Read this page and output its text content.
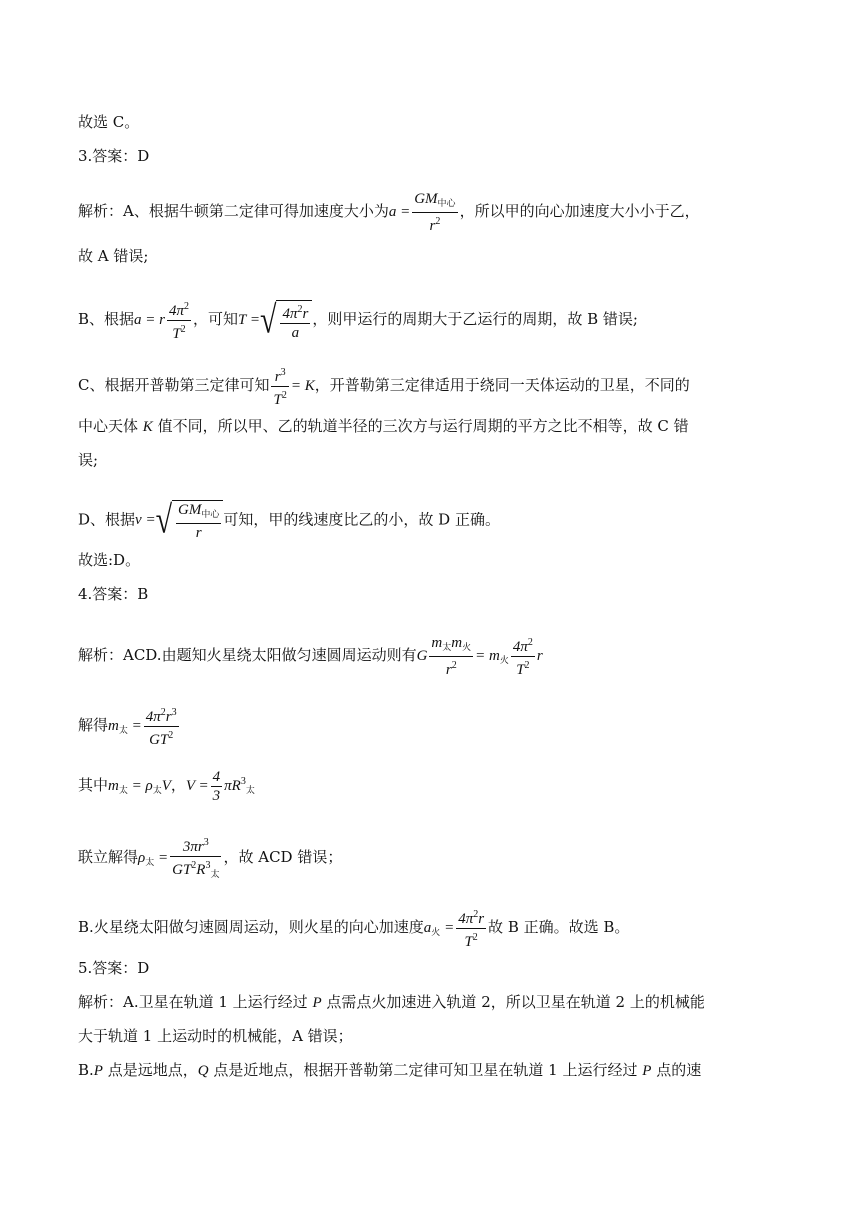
故选 C。
3.答案：D
解析：A、根据牛顿第二定律可得加速度大小为$a = \frac{GM_{中心}}{r^2}$ ，所以甲的向心加速度大小小于乙，
故 A 错误;
B、根据a = r $\frac{4\pi^2}{T^2}$ ，可知T =√ $\frac{4\pi^2r}{a}$ ，则甲运行的周期大于乙运行的周期，故 B 错误;
C、根据开普勒第三定律可知 $\frac{r^3}{T^2} = K$，开普勒第三定律适用于绕同一天体运动的卫星，不同的
中心天体 K 值不同，所以甲、乙的轨道半径的三次方与运行周期的平方之比不相等，故 C 错
误;
D、根据v =√ $\frac{GM_{中心}}{r}$ 可知，甲的线速度比乙的小，故 D 正确。
故选:D。
4.答案：B
解析：ACD.由题知火星绕太阳做匀速圆周运动则有G $\frac{m_太m_火}{r^2} = m_火 \frac{4\pi^2}{T^2}$ r
解得$m_太 = \frac{4\pi^2r^3}{GT^2}$
其中$m_太 = \rho_太V$，$V = \frac{4}{3} \pi R^3_太$
联立解得$\rho_太 = \frac{3\pi r^3}{GT^2R^3_太}$ ，故 ACD 错误；
B.火星绕太阳做匀速圆周运动，则火星的向心加速度$a_火 = \frac{4\pi^2r}{T^2}$ 故 B 正确。故选 B。
5.答案：D
解析：A.卫星在轨道 1 上运行经过 P 点需点火加速进入轨道 2，所以卫星在轨道 2 上的机械能
大于轨道 1 上运动时的机械能，A 错误；
B.P 点是远地点，Q 点是近地点，根据开普勒第二定律可知卫星在轨道 1 上运行经过 P 点的速
